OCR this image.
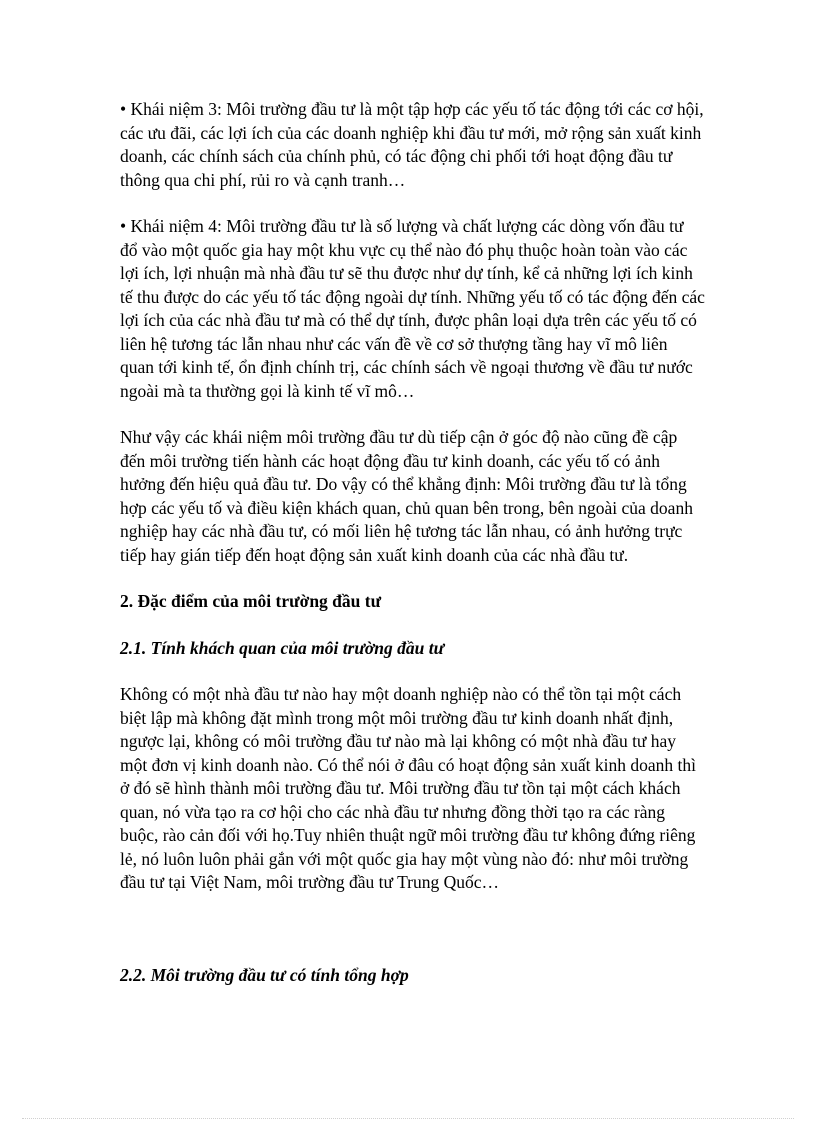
• Khái niệm 3: Môi trường đầu tư là một tập hợp các yếu tố tác động tới các cơ hội, các ưu đãi, các lợi ích của các doanh nghiệp khi đầu tư mới, mở rộng sản xuất kinh doanh, các chính sách của chính phủ, có tác động chi phối tới hoạt động đầu tư thông qua chi phí, rủi ro và cạnh tranh…

• Khái niệm 4: Môi trường đầu tư là số lượng và chất lượng các dòng vốn đầu tư đổ vào một quốc gia hay một khu vực cụ thể nào đó phụ thuộc hoàn toàn vào các lợi ích, lợi nhuận mà nhà đầu tư sẽ thu được như dự tính, kể cả những lợi ích kinh tế thu được do các yếu tố tác động ngoài dự tính. Những yếu tố có tác động đến các lợi ích của các nhà đầu tư mà có thể dự tính, được phân loại dựa trên các yếu tố có liên hệ tương tác lẫn nhau như các vấn đề về cơ sở thượng tầng hay vĩ mô liên quan tới kinh tế, ổn định chính trị, các chính sách về ngoại thương về đầu tư nước ngoài mà ta thường gọi là kinh tế vĩ mô…

Như vậy các khái niệm môi trường đầu tư dù tiếp cận ở góc độ nào cũng đề cập đến môi trường tiến hành các hoạt động đầu tư kinh doanh, các yếu tố có ảnh hưởng đến hiệu quả đầu tư. Do vậy có thể khẳng định: Môi trường đầu tư là tổng hợp các yếu tố và điều kiện khách quan, chủ quan bên trong, bên ngoài của doanh nghiệp hay các nhà đầu tư, có mối liên hệ tương tác lẫn nhau, có ảnh hưởng trực tiếp hay gián tiếp đến hoạt động sản xuất kinh doanh của các nhà đầu tư.

2. Đặc điểm của môi trường đầu tư

2.1. Tính khách quan của môi trường đầu tư

Không có một nhà đầu tư nào hay một doanh nghiệp nào có thể tồn tại một cách biệt lập mà không đặt mình trong một môi trường đầu tư kinh doanh nhất định, ngược lại, không có môi trường đầu tư nào mà lại không có một nhà đầu tư hay một đơn vị kinh doanh nào. Có thể nói ở đâu có hoạt động sản xuất kinh doanh thì ở đó sẽ hình thành môi trường đầu tư. Môi trường đầu tư tồn tại một cách khách quan, nó vừa tạo ra cơ hội cho các nhà đầu tư nhưng đồng thời tạo ra các ràng buộc, rào cản đối với họ.Tuy nhiên thuật ngữ môi trường đầu tư không đứng riêng lẻ, nó luôn luôn phải gắn với một quốc gia hay một vùng nào đó: như môi trường đầu tư tại Việt Nam, môi trường đầu tư Trung Quốc…

2.2. Môi trường đầu tư có tính tổng hợp
